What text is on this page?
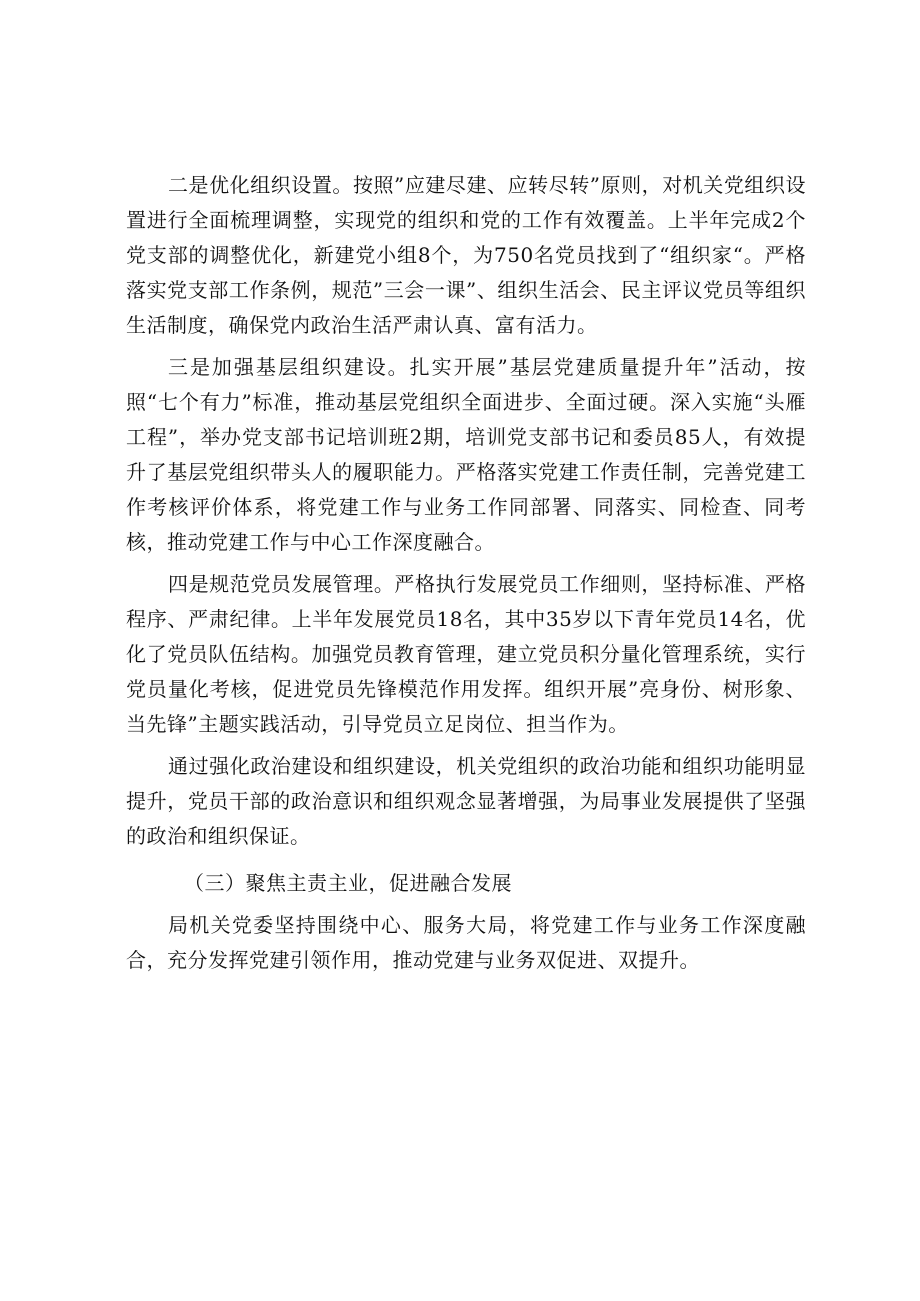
二是优化组织设置。按照”应建尽建、应转尽转”原则，对机关党组织设置进行全面梳理调整，实现党的组织和党的工作有效覆盖。上半年完成2个党支部的调整优化，新建党小组8个，为750名党员找到了“组织家“。严格落实党支部工作条例，规范”三会一课”、组织生活会、民主评议党员等组织生活制度，确保党内政治生活严肃认真、富有活力。

三是加强基层组织建设。扎实开展”基层党建质量提升年”活动，按照“七个有力”标准，推动基层党组织全面进步、全面过硬。深入实施“头雁工程”，举办党支部书记培训班2期，培训党支部书记和委员85人，有效提升了基层党组织带头人的履职能力。严格落实党建工作责任制，完善党建工作考核评价体系，将党建工作与业务工作同部署、同落实、同检查、同考核，推动党建工作与中心工作深度融合。

四是规范党员发展管理。严格执行发展党员工作细则，坚持标准、严格程序、严肃纪律。上半年发展党员18名，其中35岁以下青年党员14名，优化了党员队伍结构。加强党员教育管理，建立党员积分量化管理系统，实行党员量化考核，促进党员先锋模范作用发挥。组织开展”亮身份、树形象、当先锋”主题实践活动，引导党员立足岗位、担当作为。

通过强化政治建设和组织建设，机关党组织的政治功能和组织功能明显提升，党员干部的政治意识和组织观念显著增强，为局事业发展提供了坚强的政治和组织保证。

（三）聚焦主责主业，促进融合发展

局机关党委坚持围绕中心、服务大局，将党建工作与业务工作深度融合，充分发挥党建引领作用，推动党建与业务双促进、双提升。
